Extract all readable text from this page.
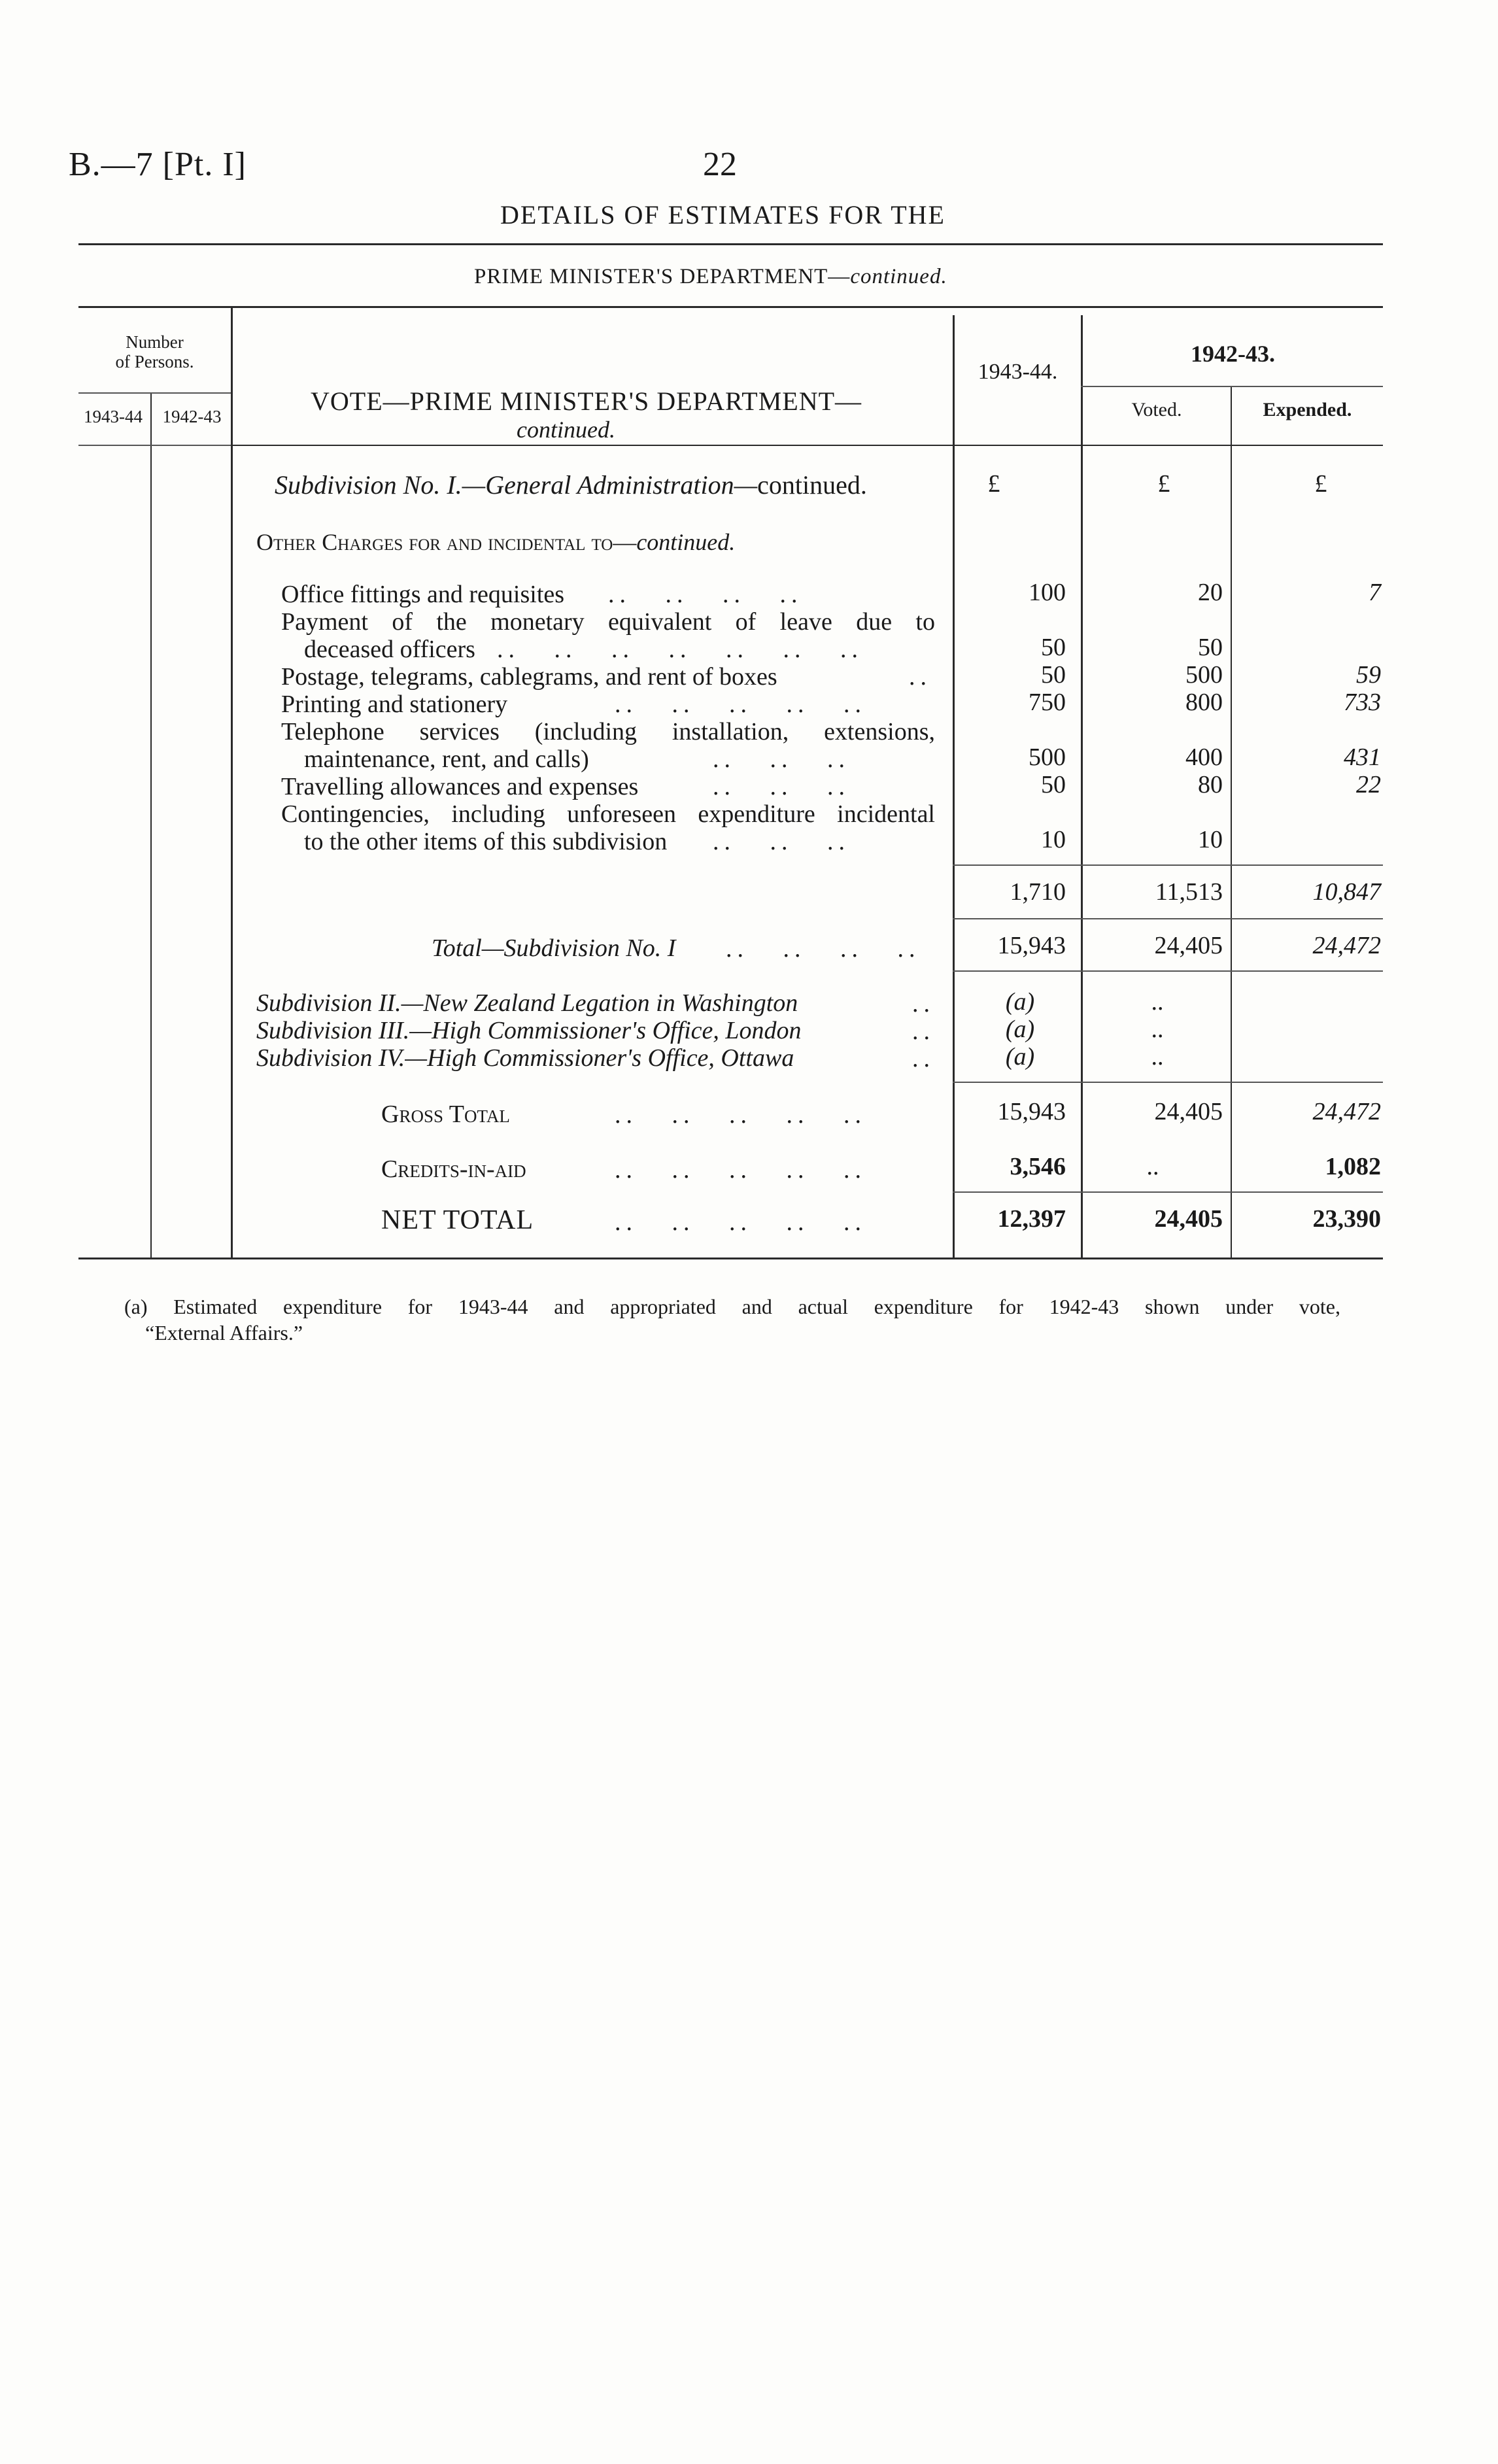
B.—7 [Pt. I]	22
DETAILS OF ESTIMATES FOR THE
PRIME MINISTER'S DEPARTMENT—continued.
Number
of Persons.
1943-44	1942-43
VOTE—PRIME MINISTER'S DEPARTMENT—
continued.
1943-44.
1942-43.
Voted.	Expended.
Subdivision No. I.—General Administration—continued.	£	£	£
Other Charges for and incidental to—continued.
Office fittings and requisites ..   ..   ..   ..	100	20	7
Payment of the monetary equivalent of leave due to
deceased officers ..   ..   ..   ..   ..   ..   ..	50	50
Postage, telegrams, cablegrams, and rent of boxes	..	50	500	59
Printing and stationery	..   ..   ..   ..   ..	750	800	733
Telephone services (including installation, extensions,
maintenance, rent, and calls)	..   ..   ..	500	400	431
Travelling allowances and expenses	..   ..   ..	50	80	22
Contingencies, including unforeseen expenditure incidental
to the other items of this subdivision ..   ..   ..	10	10
1,710	11,513	10,847
Total—Subdivision No. I ..   ..   ..   ..	15,943	24,405	24,472
Subdivision II.—New Zealand Legation in Washington	..	(a)	..
Subdivision III.—High Commissioner's Office, London	..	(a)	..
Subdivision IV.—High Commissioner's Office, Ottawa	..	(a)	..
Gross Total	..   ..   ..   ..   ..	15,943	24,405	24,472
Credits-in-aid	..   ..   ..   ..   ..	3,546	..	1,082
NET TOTAL	..   ..   ..   ..   ..	12,397	24,405	23,390
(a) Estimated expenditure for 1943-44 and appropriated and actual expenditure for 1942-43 shown under vote,
“External Affairs.”
